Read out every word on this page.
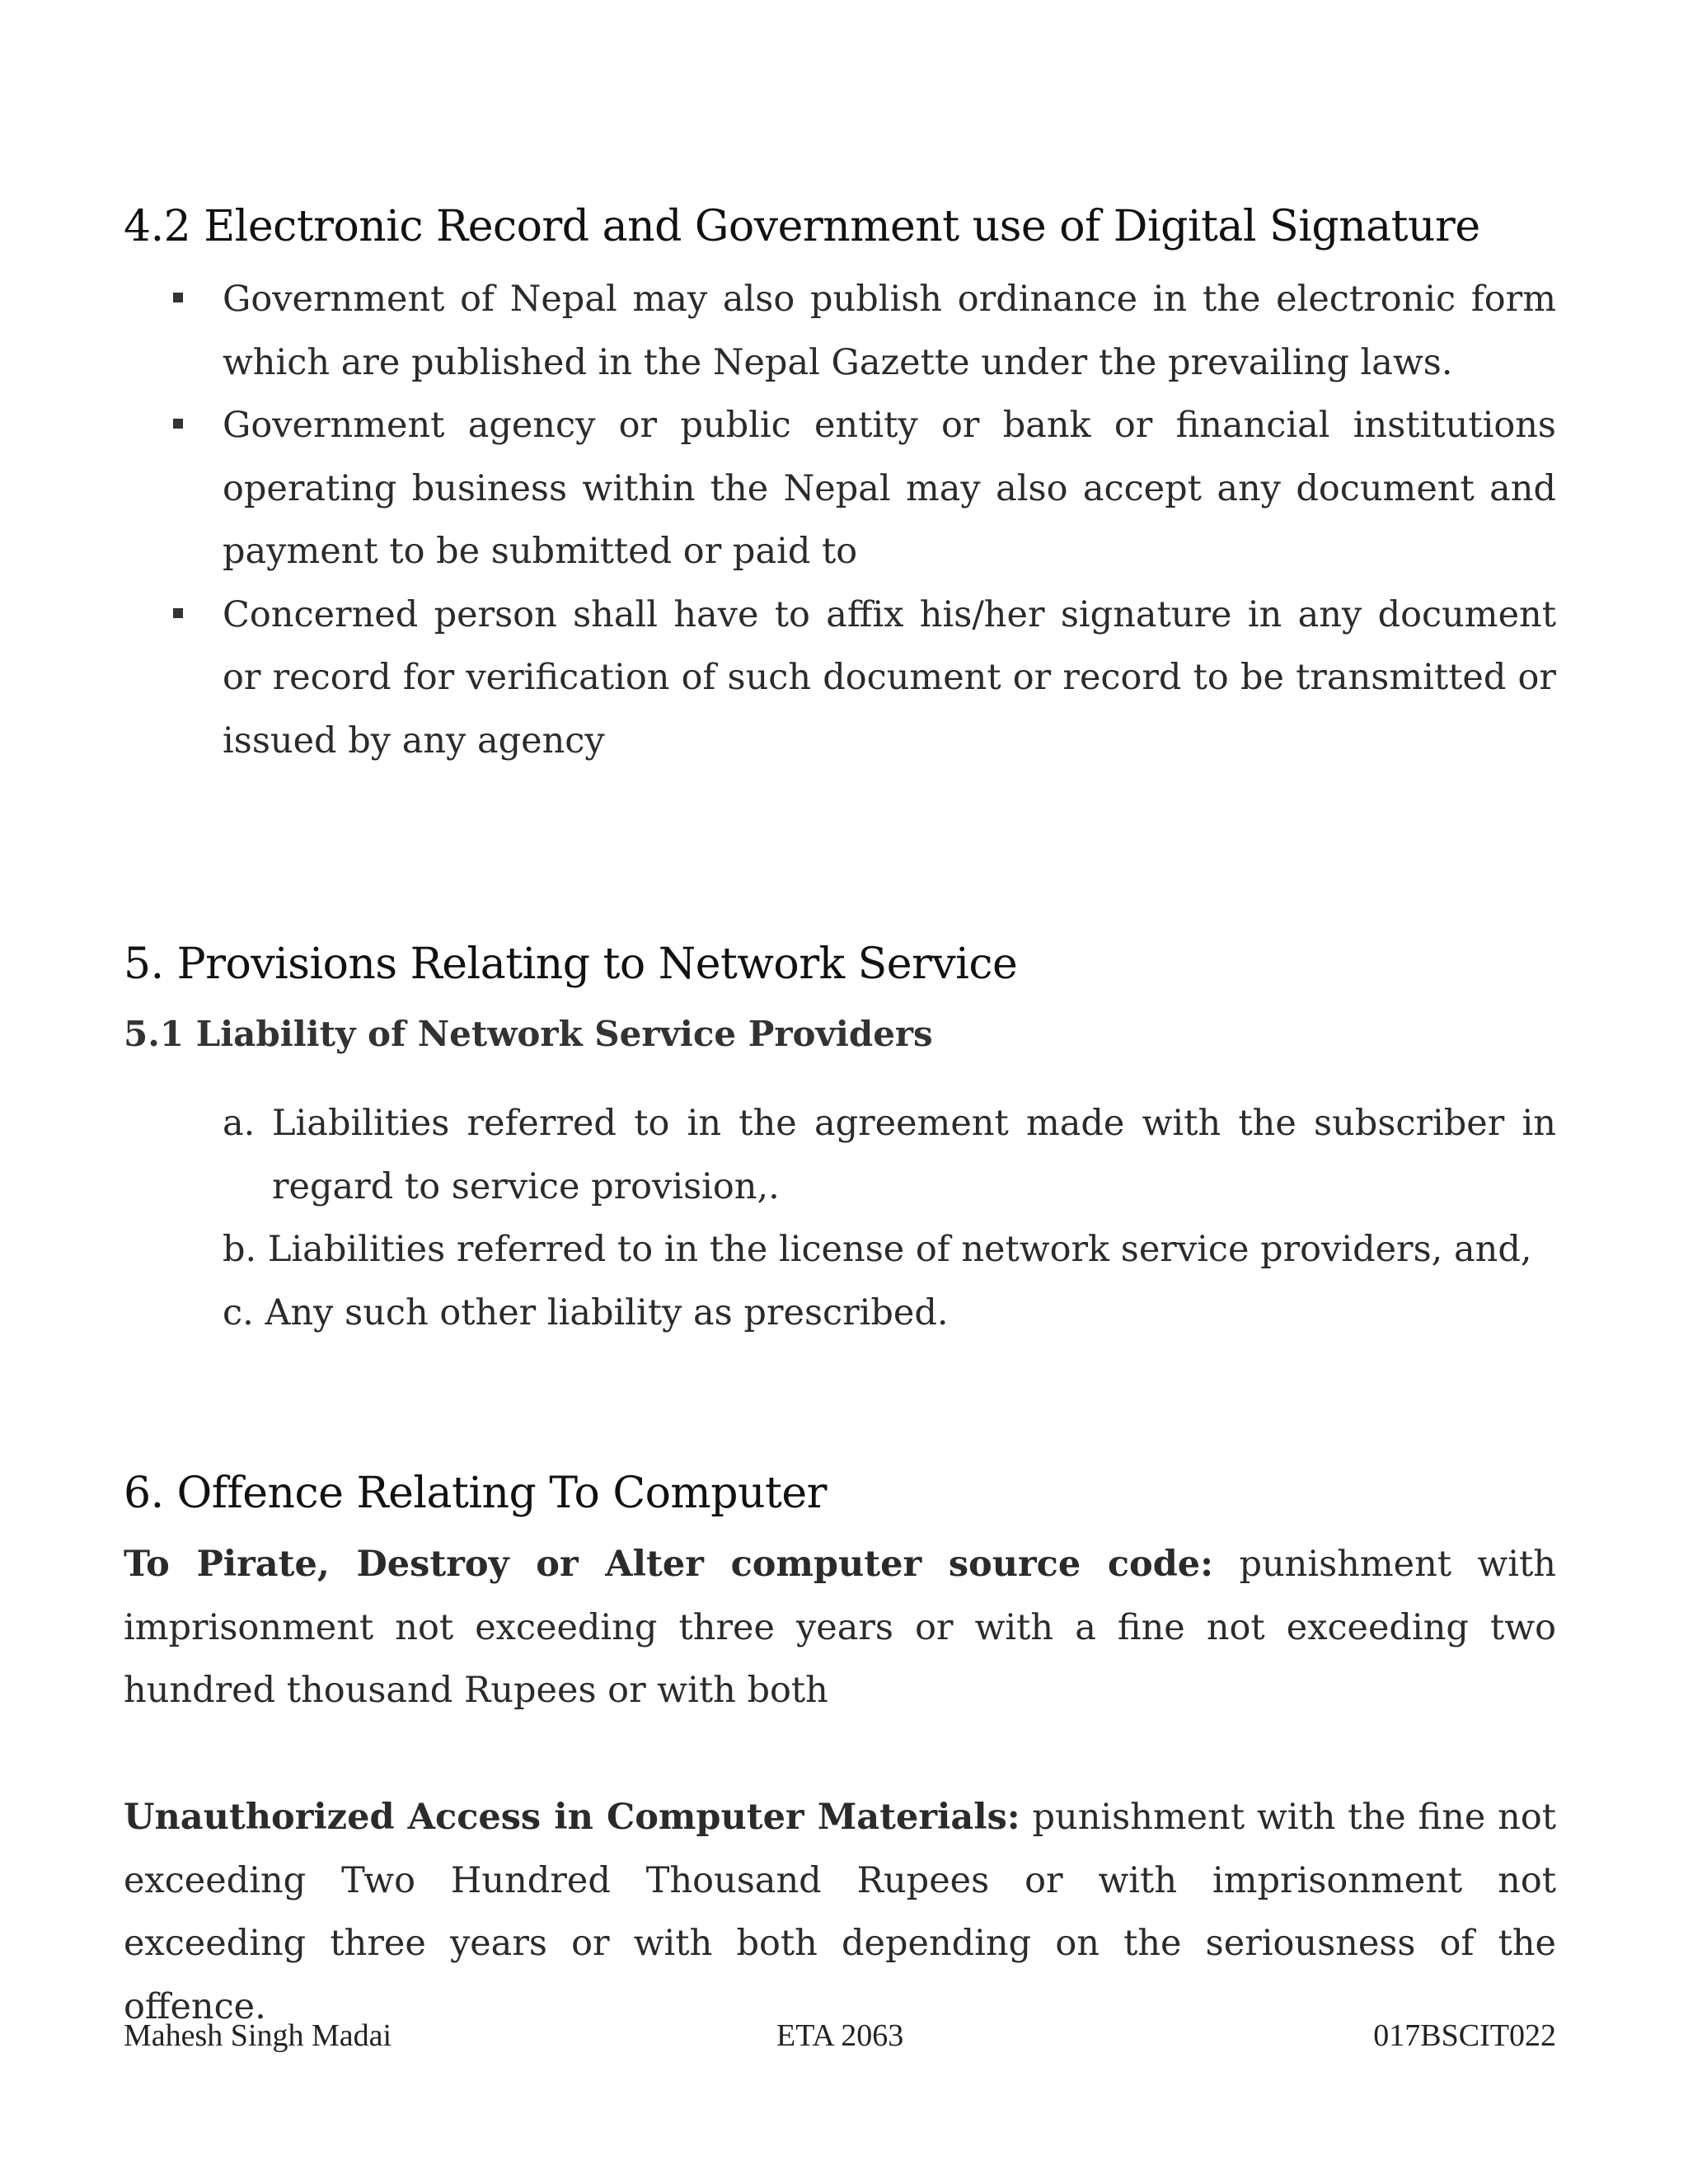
4.2 Electronic Record and Government use of Digital Signature
Government of Nepal may also publish ordinance in the electronic form which are published in the Nepal Gazette under the prevailing laws.
Government agency or public entity or bank or financial institutions operating business within the Nepal may also accept any document and payment to be submitted or paid to
Concerned person shall have to affix his/her signature in any document or record for verification of such document or record to be transmitted or issued by any agency
5. Provisions Relating to Network Service
5.1 Liability of Network Service Providers
a. Liabilities referred to in the agreement made with the subscriber in regard to service provision,.
b. Liabilities referred to in the license of network service providers, and,
c. Any such other liability as prescribed.
6. Offence Relating To Computer

To Pirate, Destroy or Alter computer source code: punishment with imprisonment not exceeding three years or with a fine not exceeding two hundred thousand Rupees or with both

Unauthorized Access in Computer Materials: punishment with the fine not exceeding Two Hundred Thousand Rupees or with imprisonment not exceeding three years or with both depending on the seriousness of the offence.

Mahesh Singh Madai	ETA 2063	017BSCIT022
